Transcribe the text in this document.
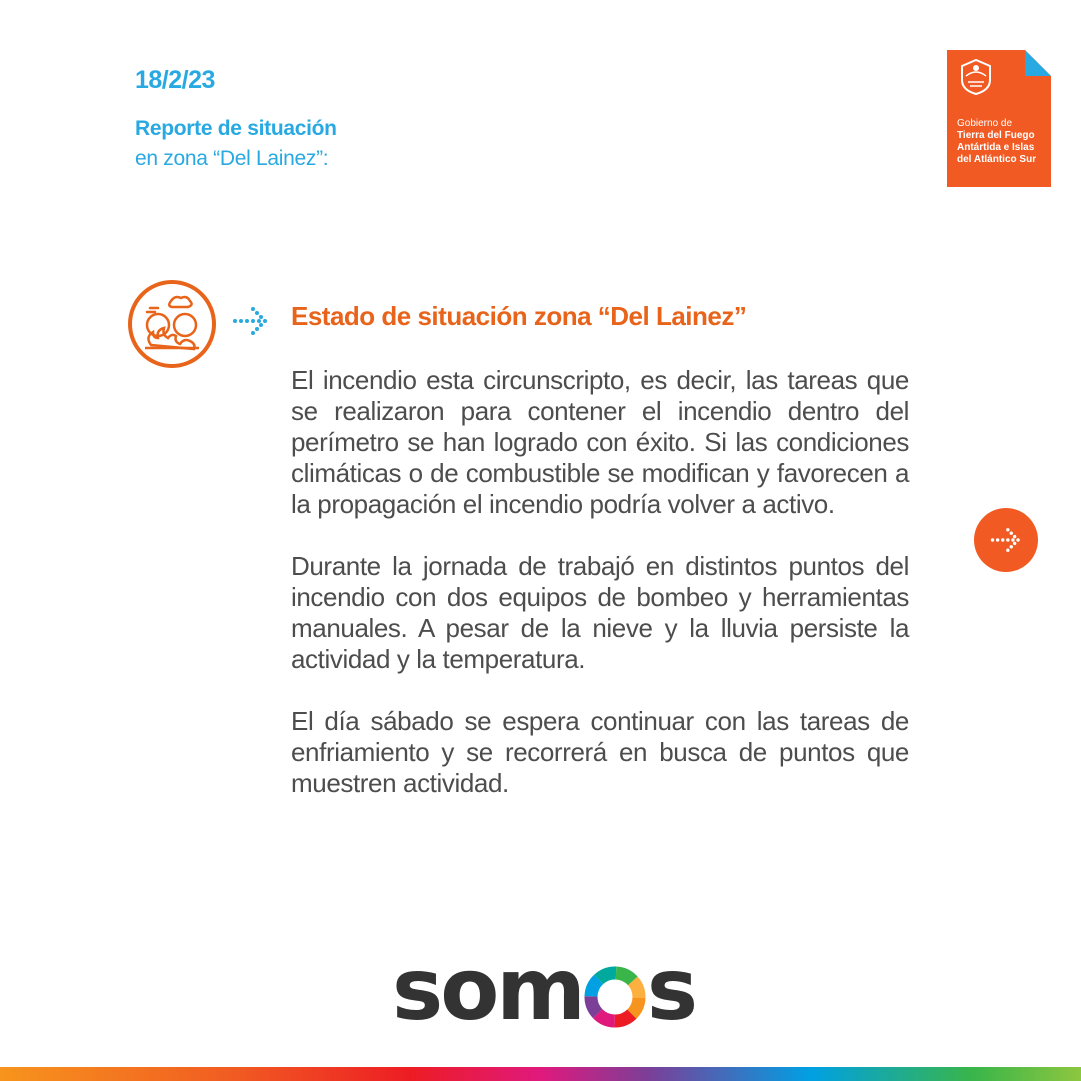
18/2/23
Reporte de situación
en zona “Del Lainez”:
Gobierno de
Tierra del Fuego
Antártida e Islas
del Atlántico Sur
Estado de situación zona “Del Lainez”

El incendio esta circunscripto, es decir, las tareas que se realizaron para contener el incendio dentro del perímetro se han logrado con éxito. Si las condiciones climáticas o de combustible se modifican y favorecen a la propagación el incendio podría volver a activo.

Durante la jornada de trabajó en distintos puntos del incendio con dos equipos de bombeo y herramientas manuales. A pesar de la nieve y la lluvia persiste la actividad y la temperatura.

El día sábado se espera continuar con las tareas de enfriamiento y se recorrerá en busca de puntos que muestren actividad.

som s
